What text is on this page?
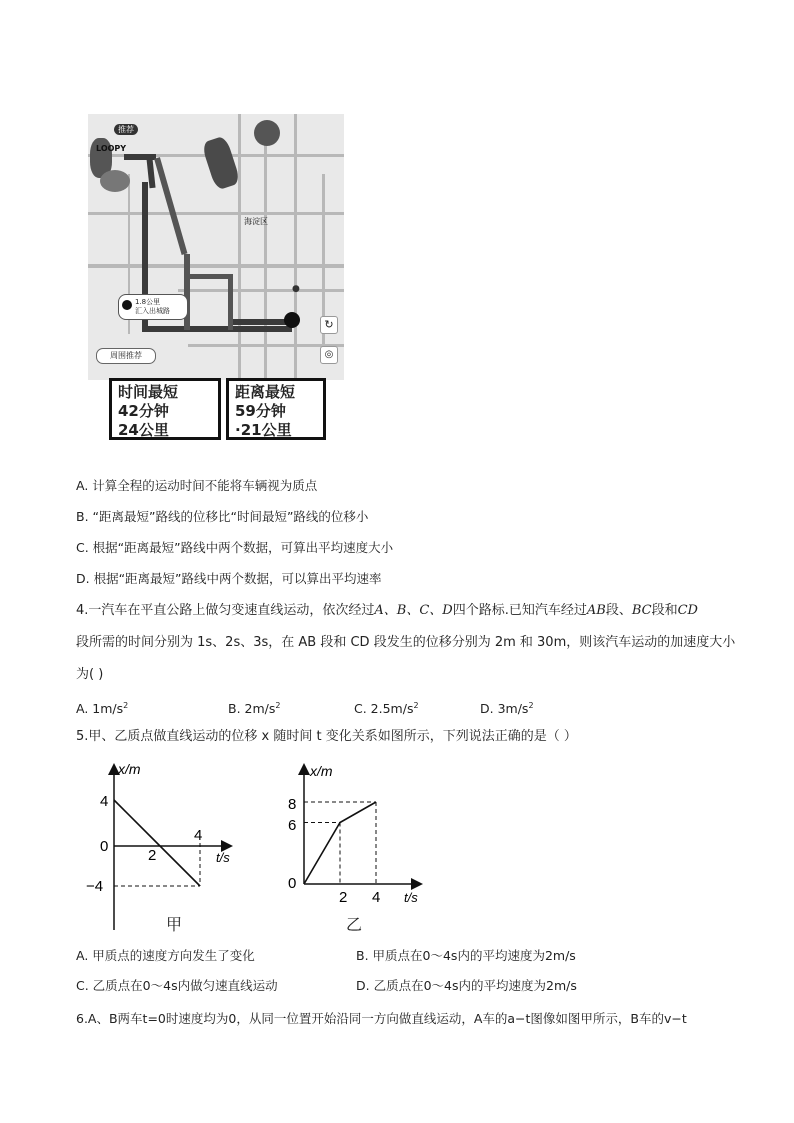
↻
◎
●
推荐
LOOPY
海淀区
1.8公里
汇入出城路
周围推荐
时间最短
42分钟
24公里
距离最短
59分钟
·21公里
A. 计算全程的运动时间不能将车辆视为质点
B. “距离最短”路线的位移比“时间最短”路线的位移小
C. 根据“距离最短”路线中两个数据，可算出平均速度大小
D. 根据“距离最短”路线中两个数据，可以算出平均速率
4.一汽车在平直公路上做匀变速直线运动，依次经过A、B、C、D四个路标.已知汽车经过AB段、BC段和CD
段所需的时间分别为 1s、2s、3s，在 AB 段和 CD 段发生的位移分别为 2m 和 30m，则该汽车运动的加速度大小
为( )
A. $1m/s^2$	B. $2m/s^2$	C. $2.5m/s^2$	D. $3m/s^2$
5.甲、乙质点做直线运动的位移 x 随时间 t 变化关系如图所示，下列说法正确的是（ ）
x/m
t/s
4
0
2
4
−4
甲
x/m
t/s
8
6
0
2 4
乙
A. 甲质点的速度方向发生了变化	B. 甲质点在0～4s内的平均速度为2m/s
C. 乙质点在0～4s内做匀速直线运动	D. 乙质点在0～4s内的平均速度为2m/s
6.A、B两车t=0时速度均为0，从同一位置开始沿同一方向做直线运动，A车的a−t图像如图甲所示，B车的v−t
